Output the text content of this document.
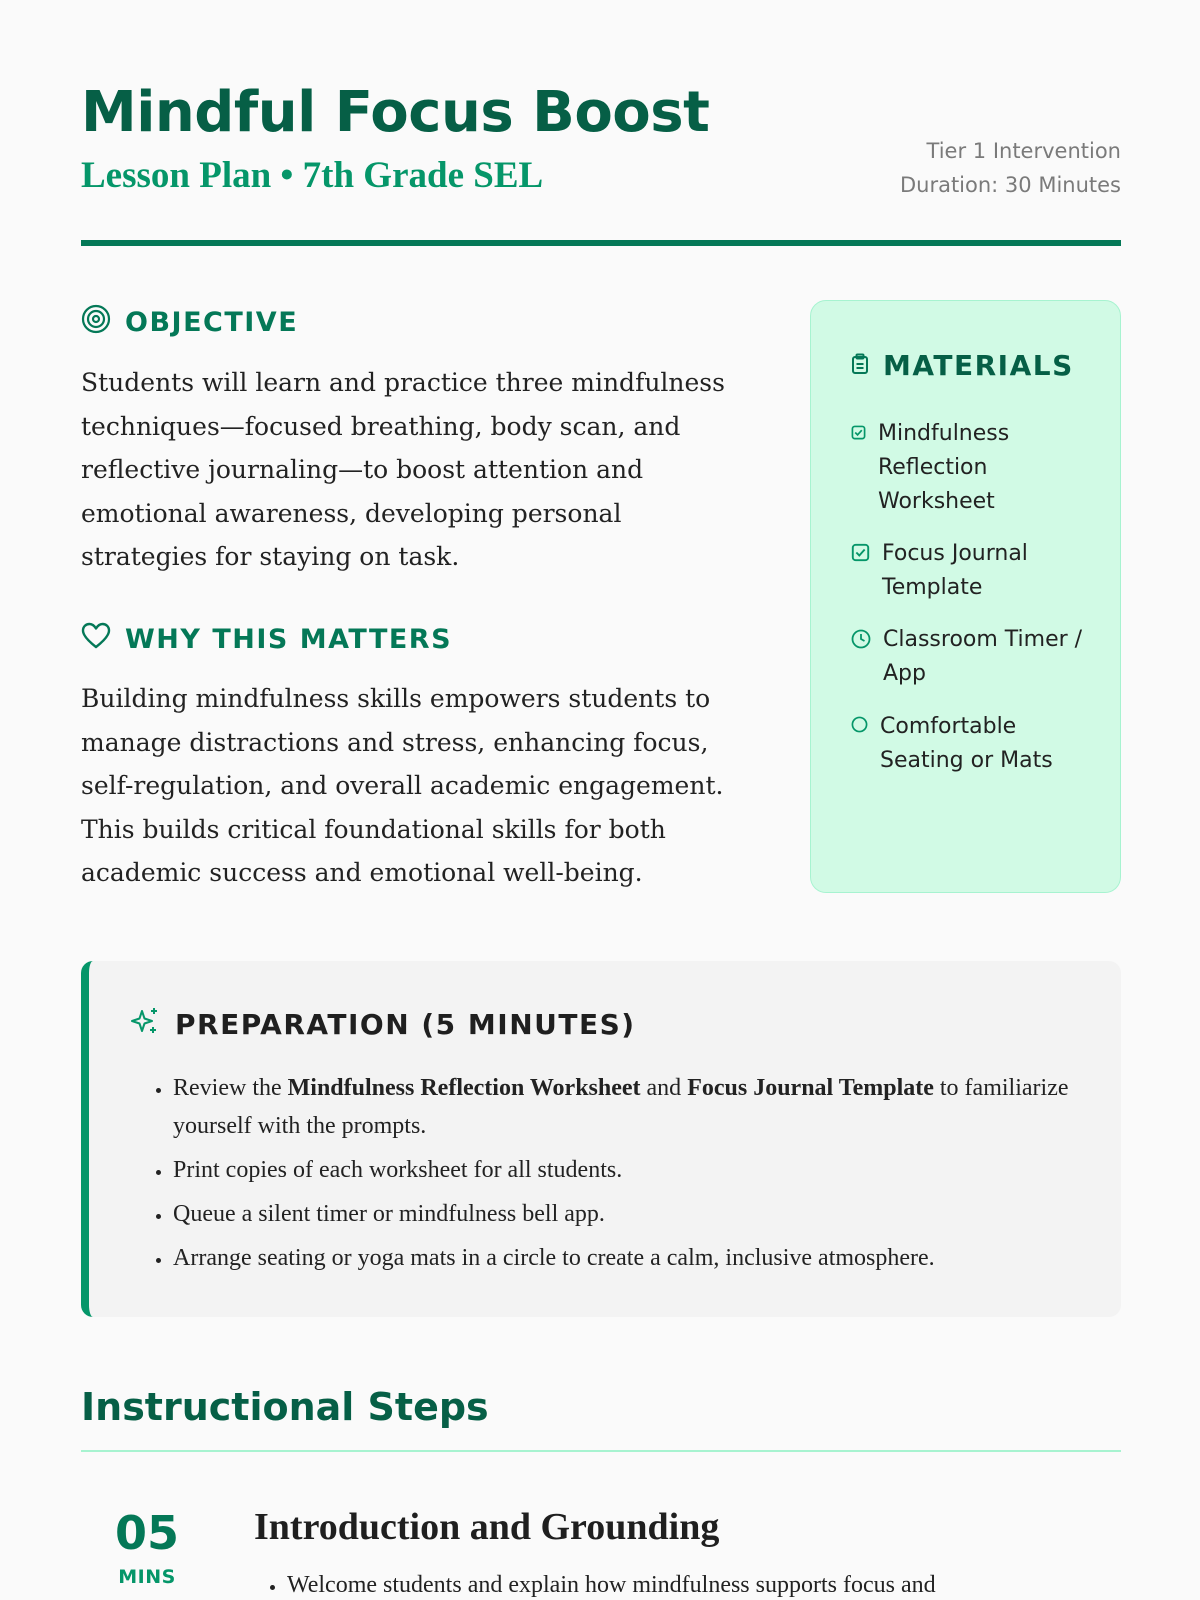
Mindful Focus Boost
Lesson Plan • 7th Grade SEL
Tier 1 Intervention
Duration: 30 Minutes
OBJECTIVE

Students will learn and practice three mindfulness techniques—focused breathing, body scan, and reflective journaling—to boost attention and emotional awareness, developing personal strategies for staying on task.

WHY THIS MATTERS

Building mindfulness skills empowers students to manage distractions and stress, enhancing focus, self-regulation, and overall academic engagement. This builds critical foundational skills for both academic success and emotional well-being.

MATERIALS
Mindfulness Reflection Worksheet
Focus Journal Template
Classroom Timer / App
Comfortable Seating or Mats
PREPARATION (5 MINUTES)
• Review the Mindfulness Reflection Worksheet and Focus Journal Template to familiarize yourself with the prompts.
• Print copies of each worksheet for all students.
• Queue a silent timer or mindfulness bell app.
• Arrange seating or yoga mats in a circle to create a calm, inclusive atmosphere.
Instructional Steps
05
MINS
Introduction and Grounding
• Welcome students and explain how mindfulness supports focus and
